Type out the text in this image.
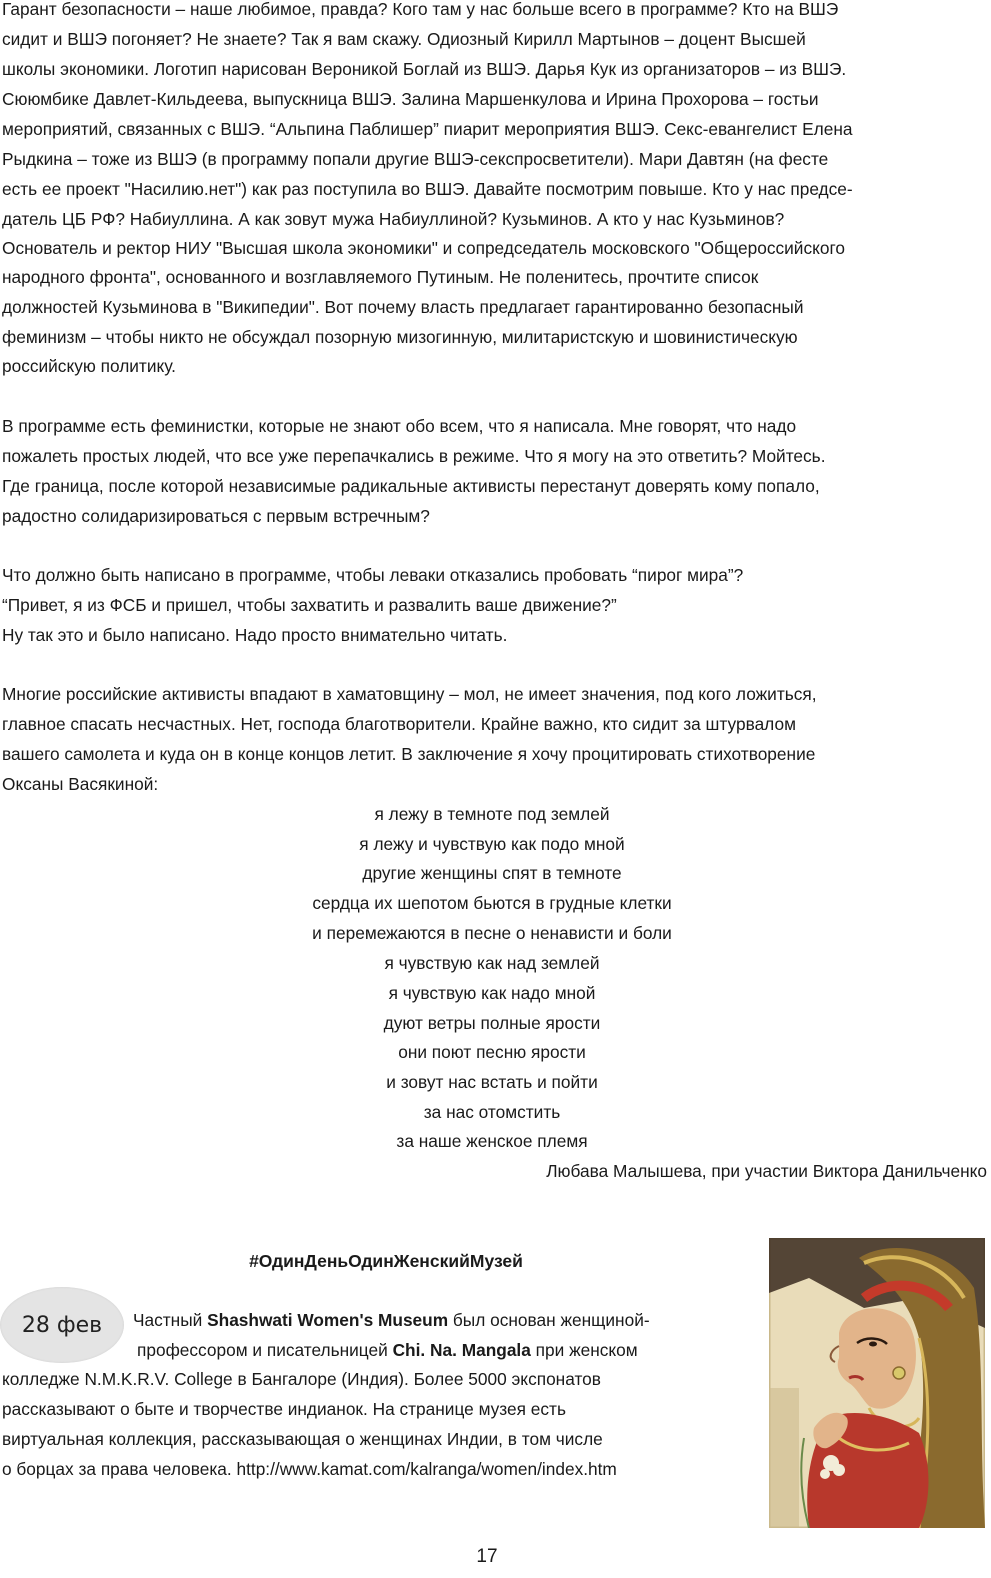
Гарант безопасности – наше любимое, правда? Кого там у нас больше всего в программе? Кто на ВШЭ
сидит и ВШЭ погоняет? Не знаете? Так я вам скажу. Одиозный Кирилл Мартынов – доцент Высшей
школы экономики. Логотип нарисован Вероникой Боглай из ВШЭ. Дарья Кук из организаторов – из ВШЭ.
Сююмбике Давлет-Кильдеева, выпускница ВШЭ. Залина Маршенкулова и Ирина Прохорова – гостьи
мероприятий, связанных с ВШЭ. “Альпина Паблишер” пиарит мероприятия ВШЭ. Секс-евангелист Елена
Рыдкина – тоже из ВШЭ (в программу попали другие ВШЭ-секспросветители). Мари Давтян (на фесте
есть ее проект "Насилию.нет") как раз поступила во ВШЭ. Давайте посмотрим повыше. Кто у нас предсе-
датель ЦБ РФ? Набиуллина. А как зовут мужа Набиуллиной? Кузьминов. А кто у нас Кузьминов?
Основатель и ректор НИУ "Высшая школа экономики" и сопредседатель московского "Общероссийского
народного фронта", основанного и возглавляемого Путиным. Не поленитесь, прочтите список
должностей Кузьминова в "Википедии". Вот почему власть предлагает гарантированно безопасный
феминизм – чтобы никто не обсуждал позорную мизогинную, милитаристскую и шовинистическую
российскую политику.
В программе есть феминистки, которые не знают обо всем, что я написала. Мне говорят, что надо
пожалеть простых людей, что все уже перепачкались в режиме. Что я могу на это ответить? Мойтесь.
Где граница, после которой независимые радикальные активисты перестанут доверять кому попало,
радостно солидаризироваться с первым встречным?
Что должно быть написано в программе, чтобы леваки отказались пробовать “пирог мира”?
“Привет, я из ФСБ и пришел, чтобы захватить и развалить ваше движение?”
Ну так это и было написано. Надо просто внимательно читать.
Многие российские активисты впадают в хаматовщину – мол, не имеет значения, под кого ложиться,
главное спасать несчастных. Нет, господа благотворители. Крайне важно, кто сидит за штурвалом
вашего самолета и куда он в конце концов летит. В заключение я хочу процитировать стихотворение
Оксаны Васякиной:
я лежу в темноте под землей
я лежу и чувствую как подо мной
другие женщины спят в темноте
сердца их шепотом бьются в грудные клетки
и перемежаются в песне о ненависти и боли
я чувствую как над землей
я чувствую как надо мной
дуют ветры полные ярости
они поют песню ярости
и зовут нас встать и пойти
за нас отомстить
за наше женское племя
Любава Малышева, при участии Виктора Данильченко
#ОдинДеньОдинЖенскийМузей
28 фев Частный Shashwati Women's Museum был основан женщиной-
профессором и писательницей Chi. Na. Mangala при женском
колледже N.M.K.R.V. College в Бангалоре (Индия). Более 5000 экспонатов
рассказывают о быте и творчестве индианок. На странице музея есть
виртуальная коллекция, рассказывающая о женщинах Индии, в том числе
о борцах за права человека. http://www.kamat.com/kalranga/women/index.htm
17
